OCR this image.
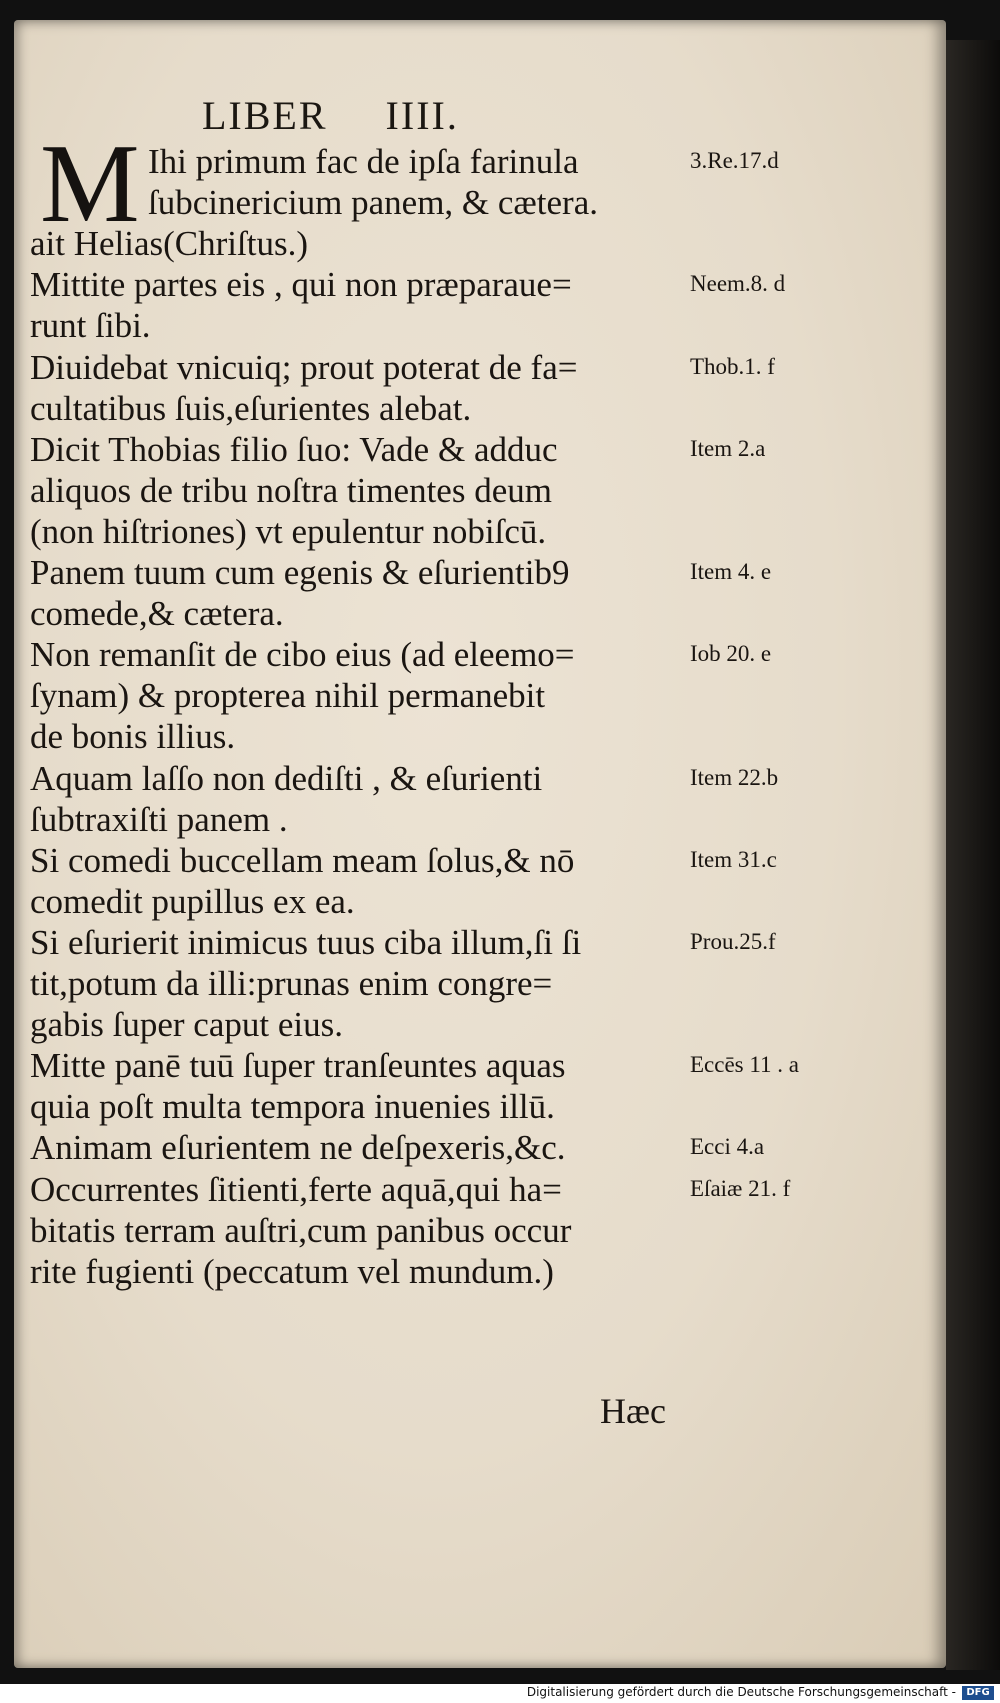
LIBER IIII.
M Ihi primum fac de ipſa farinula
ſubcinericium panem, & cætera.
ait Helias(Chriſtus.)
Mittite partes eis , qui non præparaue=
runt ſibi.
Diuidebat vnicuiq; prout poterat de fa=
cultatibus ſuis,eſurientes alebat.
Dicit Thobias filio ſuo: Vade & adduc
aliquos de tribu noſtra timentes deum
(non hiſtriones) vt epulentur nobiſcū.
Panem tuum cum egenis & eſurientib9
comede,& cætera.
Non remanſit de cibo eius (ad eleemo=
ſynam) & propterea nihil permanebit
de bonis illius.
Aquam laſſo non dediſti , & eſurienti
ſubtraxiſti panem .
Si comedi buccellam meam ſolus,& nō
comedit pupillus ex ea.
Si eſurierit inimicus tuus ciba illum,ſi ſi
tit,potum da illi:prunas enim congre=
gabis ſuper caput eius.
Mitte panē tuū ſuper tranſeuntes aquas
quia poſt multa tempora inuenies illū.
Animam eſurientem ne deſpexeris,&c.
Occurrentes ſitienti,ferte aquā,qui ha=
bitatis terram auſtri,cum panibus occur
rite fugienti (peccatum vel mundum.)
3.Re.17.d
Neem.8. d
Thob.1. f
Item 2.a
Item 4. e
Iob 20. e
Item 22.b
Item 31.c
Prou.25.f
Eccēs 11 . a
Ecci 4.a
Eſaiæ 21. f
Hæc
Digitalisierung gefördert durch die Deutsche Forschungsgemeinschaft -	DFG
